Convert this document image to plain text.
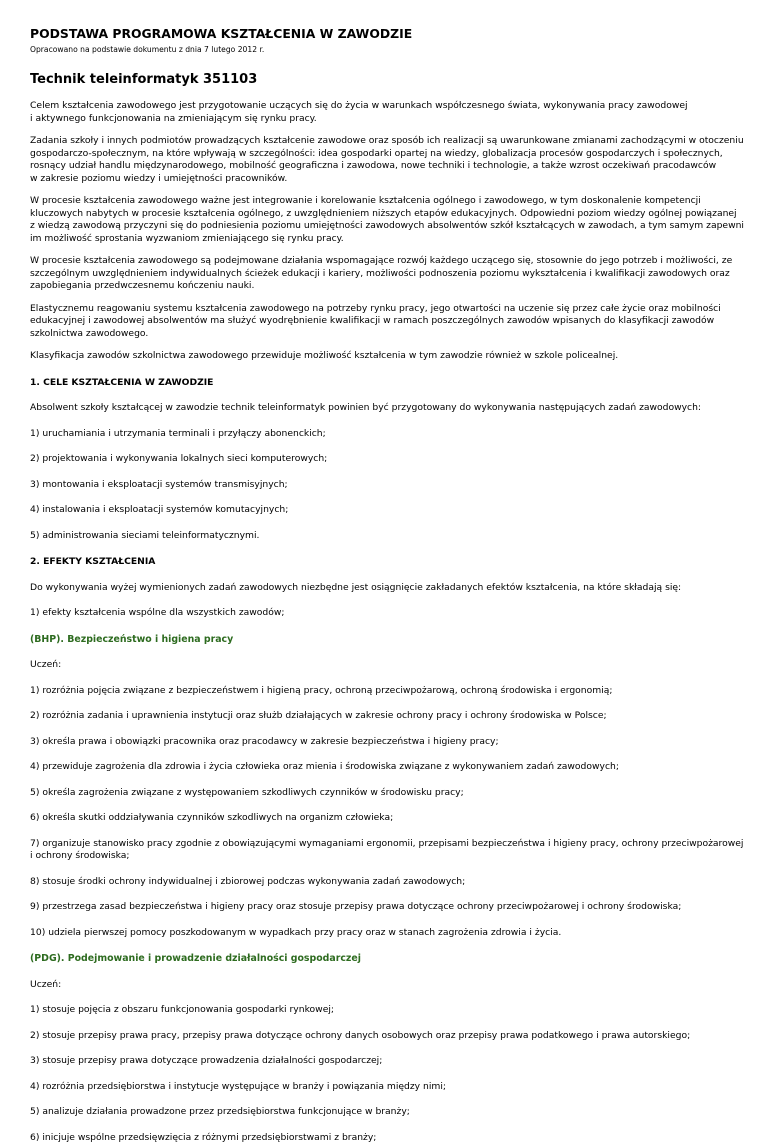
PODSTAWA PROGRAMOWA KSZTAŁCENIA W ZAWODZIE

Opracowano na podstawie dokumentu z dnia 7 lutego 2012 r.

Technik teleinformatyk 351103

Celem kształcenia zawodowego jest przygotowanie uczących się do życia w warunkach współczesnego świata, wykonywania pracy zawodowej
i aktywnego funkcjonowania na zmieniającym się rynku pracy.

Zadania szkoły i innych podmiotów prowadzących kształcenie zawodowe oraz sposób ich realizacji są uwarunkowane zmianami zachodzącymi w otoczeniu
gospodarczo-społecznym, na które wpływają w szczególności: idea gospodarki opartej na wiedzy, globalizacja procesów gospodarczych i społecznych,
rosnący udział handlu międzynarodowego, mobilność geograficzna i zawodowa, nowe techniki i technologie, a także wzrost oczekiwań pracodawców
w zakresie poziomu wiedzy i umiejętności pracowników.

W procesie kształcenia zawodowego ważne jest integrowanie i korelowanie kształcenia ogólnego i zawodowego, w tym doskonalenie kompetencji
kluczowych nabytych w procesie kształcenia ogólnego, z uwzględnieniem niższych etapów edukacyjnych. Odpowiedni poziom wiedzy ogólnej powiązanej
z wiedzą zawodową przyczyni się do podniesienia poziomu umiejętności zawodowych absolwentów szkół kształcących w zawodach, a tym samym zapewni
im możliwość sprostania wyzwaniom zmieniającego się rynku pracy.

W procesie kształcenia zawodowego są podejmowane działania wspomagające rozwój każdego uczącego się, stosownie do jego potrzeb i możliwości, ze
szczególnym uwzględnieniem indywidualnych ścieżek edukacji i kariery, możliwości podnoszenia poziomu wykształcenia i kwalifikacji zawodowych oraz
zapobiegania przedwczesnemu kończeniu nauki.

Elastycznemu reagowaniu systemu kształcenia zawodowego na potrzeby rynku pracy, jego otwartości na uczenie się przez całe życie oraz mobilności
edukacyjnej i zawodowej absolwentów ma służyć wyodrębnienie kwalifikacji w ramach poszczególnych zawodów wpisanych do klasyfikacji zawodów
szkolnictwa zawodowego.

Klasyfikacja zawodów szkolnictwa zawodowego przewiduje możliwość kształcenia w tym zawodzie również w szkole policealnej.

1. CELE KSZTAŁCENIA W ZAWODZIE

Absolwent szkoły kształcącej w zawodzie technik teleinformatyk powinien być przygotowany do wykonywania następujących zadań zawodowych:

1) uruchamiania i utrzymania terminali i przyłączy abonenckich;

2) projektowania i wykonywania lokalnych sieci komputerowych;

3) montowania i eksploatacji systemów transmisyjnych;

4) instalowania i eksploatacji systemów komutacyjnych;

5) administrowania sieciami teleinformatycznymi.

2. EFEKTY KSZTAŁCENIA

Do wykonywania wyżej wymienionych zadań zawodowych niezbędne jest osiągnięcie zakładanych efektów kształcenia, na które składają się:

1) efekty kształcenia wspólne dla wszystkich zawodów;

(BHP). Bezpieczeństwo i higiena pracy

Uczeń:

1) rozróżnia pojęcia związane z bezpieczeństwem i higieną pracy, ochroną przeciwpożarową, ochroną środowiska i ergonomią;

2) rozróżnia zadania i uprawnienia instytucji oraz służb działających w zakresie ochrony pracy i ochrony środowiska w Polsce;

3) określa prawa i obowiązki pracownika oraz pracodawcy w zakresie bezpieczeństwa i higieny pracy;

4) przewiduje zagrożenia dla zdrowia i życia człowieka oraz mienia i środowiska związane z wykonywaniem zadań zawodowych;

5) określa zagrożenia związane z występowaniem szkodliwych czynników w środowisku pracy;

6) określa skutki oddziaływania czynników szkodliwych na organizm człowieka;

7) organizuje stanowisko pracy zgodnie z obowiązującymi wymaganiami ergonomii, przepisami bezpieczeństwa i higieny pracy, ochrony przeciwpożarowej
i ochrony środowiska;

8) stosuje środki ochrony indywidualnej i zbiorowej podczas wykonywania zadań zawodowych;

9) przestrzega zasad bezpieczeństwa i higieny pracy oraz stosuje przepisy prawa dotyczące ochrony przeciwpożarowej i ochrony środowiska;

10) udziela pierwszej pomocy poszkodowanym w wypadkach przy pracy oraz w stanach zagrożenia zdrowia i życia.

(PDG). Podejmowanie i prowadzenie działalności gospodarczej

Uczeń:

1) stosuje pojęcia z obszaru funkcjonowania gospodarki rynkowej;

2) stosuje przepisy prawa pracy, przepisy prawa dotyczące ochrony danych osobowych oraz przepisy prawa podatkowego i prawa autorskiego;

3) stosuje przepisy prawa dotyczące prowadzenia działalności gospodarczej;

4) rozróżnia przedsiębiorstwa i instytucje występujące w branży i powiązania między nimi;

5) analizuje działania prowadzone przez przedsiębiorstwa funkcjonujące w branży;

6) inicjuje wspólne przedsięwzięcia z różnymi przedsiębiorstwami z branży;
